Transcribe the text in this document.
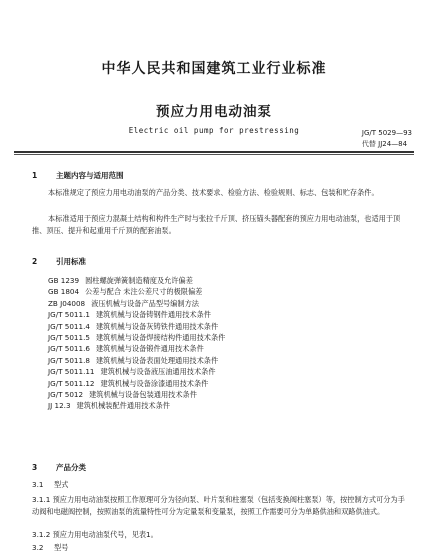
中华人民共和国建筑工业行业标准
预应力用电动油泵
Electric oil pump for prestressing	JG/T 5029—93
代替 JJ24—84
1	主题内容与适用范围
本标准规定了预应力用电动油泵的产品分类、技术要求、检验方法、检验规则、标志、包装和贮存条件。
本标准适用于预应力混凝土结构和构件生产时与张拉千斤顶、挤压锚头器配套的预应力用电动油泵，也适用于顶推、顶压、提升和起重用千斤顶的配套油泵。
2	引用标准
GB 1239 圆柱螺旋弹簧制造精度及允许偏差
GB 1804 公差与配合 未注公差尺寸的极限偏差
ZB J04008 液压机械与设备产品型号编制方法
JG/T 5011.1 建筑机械与设备铸钢件通用技术条件
JG/T 5011.4 建筑机械与设备灰铸铁件通用技术条件
JG/T 5011.5 建筑机械与设备焊接结构件通用技术条件
JG/T 5011.6 建筑机械与设备锻件通用技术条件
JG/T 5011.8 建筑机械与设备表面处理通用技术条件
JG/T 5011.11 建筑机械与设备液压油通用技术条件
JG/T 5011.12 建筑机械与设备涂漆通用技术条件
JG/T 5012 建筑机械与设备包装通用技术条件
JJ 12.3 建筑机械装配件通用技术条件
3	产品分类
3.1 型式
3.1.1 预应力用电动油泵按照工作原理可分为径向泵、叶片泵和柱塞泵（包括变换阀柱塞泵）等，按控制方式可分为手动阀和电磁阀控制，按照油泵的流量特性可分为定量泵和变量泵，按照工作需要可分为单路供油和双路供油式。
3.1.2 预应力用电动油泵代号，见表1。
3.2 型号
